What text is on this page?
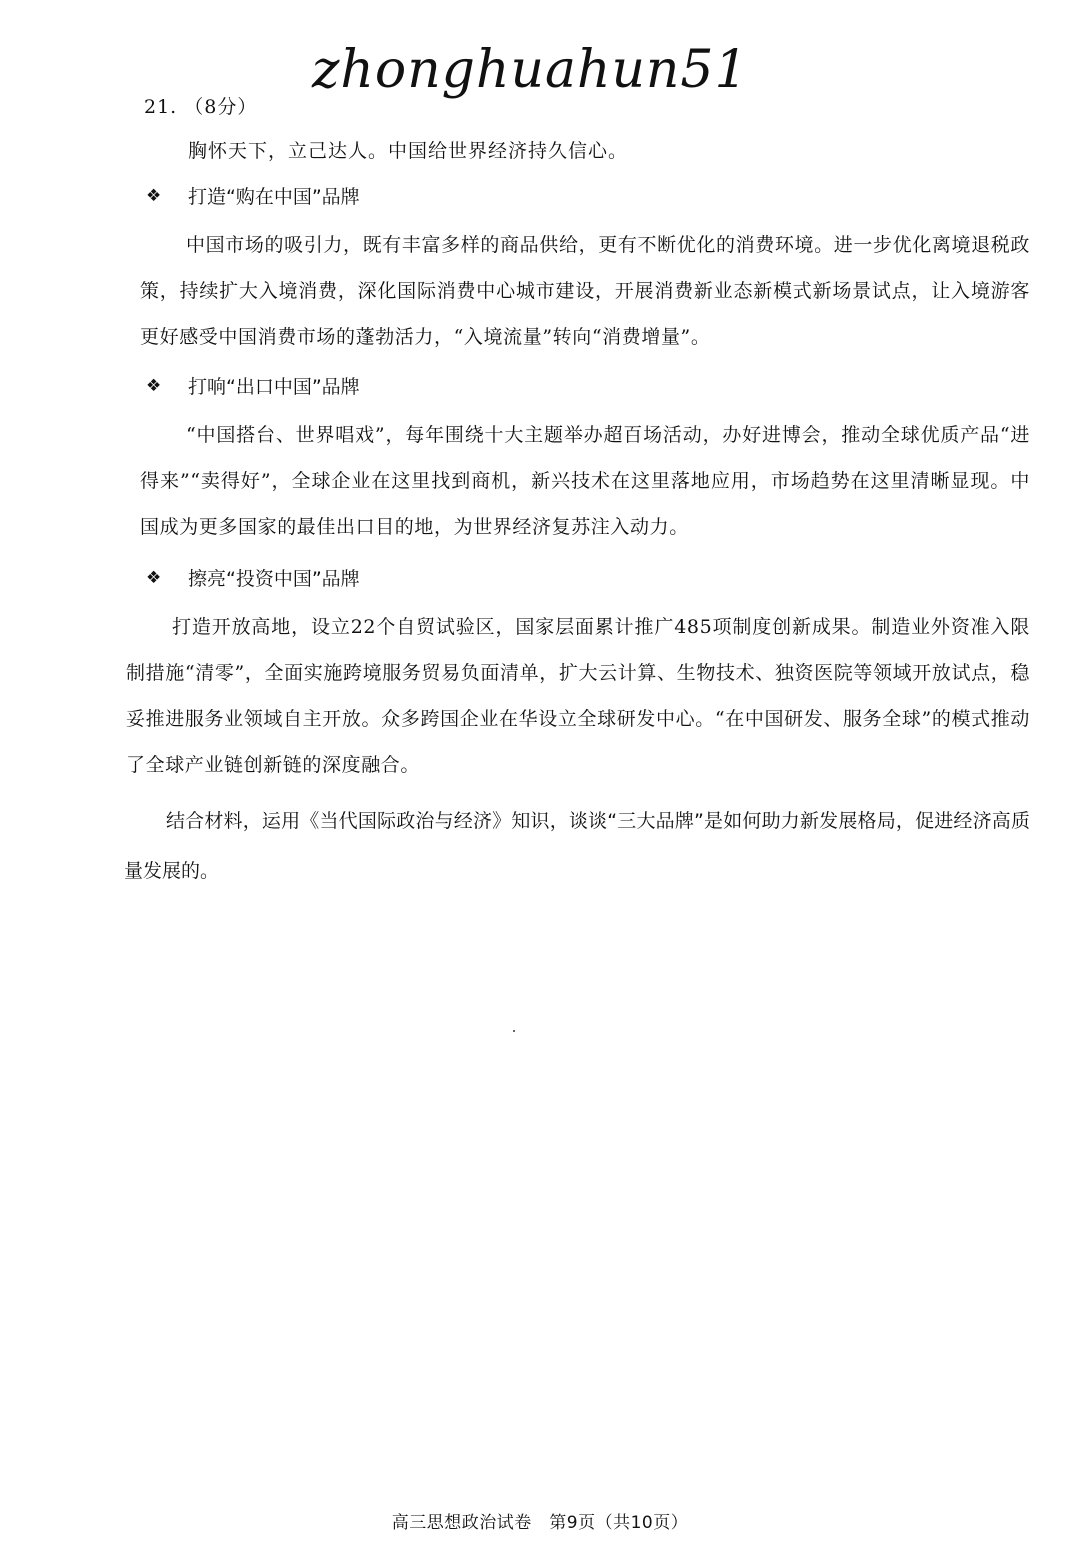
21. （8分）
zhonghuahun51
胸怀天下，立己达人。中国给世界经济持久信心。
❖	打造“购在中国”品牌

中国市场的吸引力，既有丰富多样的商品供给，更有不断优化的消费环境。进一步优化离境退税政策，持续扩大入境消费，深化国际消费中心城市建设，开展消费新业态新模式新场景试点，让入境游客更好感受中国消费市场的蓬勃活力，“入境流量”转向“消费增量”。

❖	打响“出口中国”品牌

“中国搭台、世界唱戏”，每年围绕十大主题举办超百场活动，办好进博会，推动全球优质产品“进得来”“卖得好”，全球企业在这里找到商机，新兴技术在这里落地应用，市场趋势在这里清晰显现。中国成为更多国家的最佳出口目的地，为世界经济复苏注入动力。

❖	擦亮“投资中国”品牌

打造开放高地，设立22个自贸试验区，国家层面累计推广485项制度创新成果。制造业外资准入限制措施“清零”，全面实施跨境服务贸易负面清单，扩大云计算、生物技术、独资医院等领域开放试点，稳妥推进服务业领域自主开放。众多跨国企业在华设立全球研发中心。“在中国研发、服务全球”的模式推动了全球产业链创新链的深度融合。

结合材料，运用《当代国际政治与经济》知识，谈谈“三大品牌”是如何助力新发展格局，促进经济高质量发展的。

高三思想政治试卷　第9页（共10页）
